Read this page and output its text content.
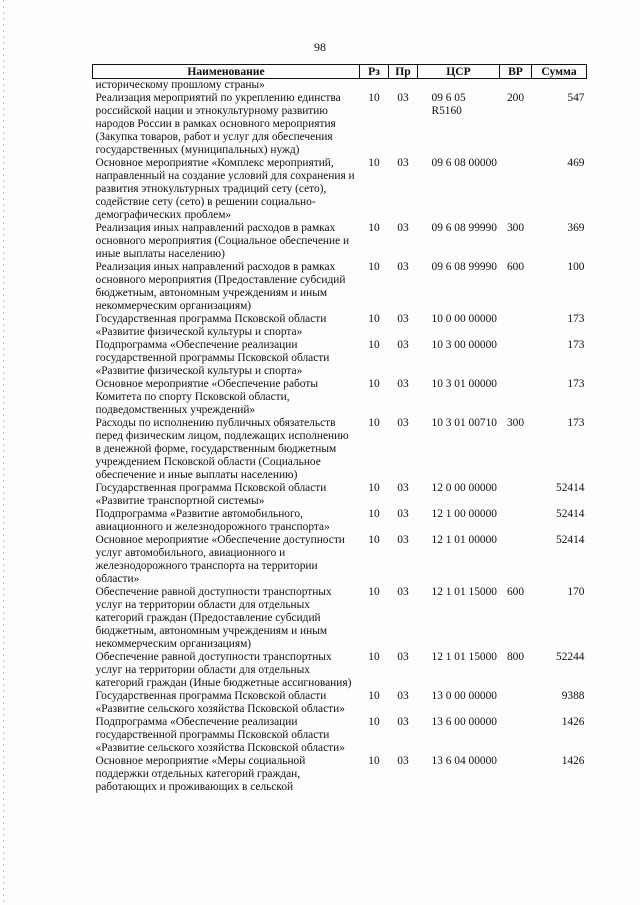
98
Наименование	Рз	Пр	ЦСР	ВР	Сумма
историческому прошлому страны»					
Реализация мероприятий по укреплению единства российской нации и этнокультурному развитию народов России в рамках основного мероприятия (Закупка товаров, работ и услуг для обеспечения государственных (муниципальных) нужд)	10	03	09 6 05 R5160	200	547
Основное мероприятие «Комплекс мероприятий, направленный на создание условий для сохранения и развития этнокультурных традиций сету (сето), содействие сету (сето) в решении социально-демографических проблем»	10	03	09 6 08 00000		469
Реализация иных направлений расходов в рамках основного мероприятия (Социальное обеспечение и иные выплаты населению)	10	03	09 6 08 99990	300	369
Реализация иных направлений расходов в рамках основного мероприятия (Предоставление субсидий бюджетным, автономным учреждениям и иным некоммерческим организациям)	10	03	09 6 08 99990	600	100
Государственная программа Псковской области «Развитие физической культуры и спорта»	10	03	10 0 00 00000		173
Подпрограмма «Обеспечение реализации государственной программы Псковской области «Развитие физической культуры и спорта»	10	03	10 3 00 00000		173
Основное мероприятие «Обеспечение работы Комитета по спорту Псковской области, подведомственных учреждений»	10	03	10 3 01 00000		173
Расходы по исполнению публичных обязательств перед физическим лицом, подлежащих исполнению в денежной форме, государственным бюджетным учреждением Псковской области (Социальное обеспечение и иные выплаты населению)	10	03	10 3 01 00710	300	173
Государственная программа Псковской области «Развитие транспортной системы»	10	03	12 0 00 00000		52414
Подпрограмма «Развитие автомобильного, авиационного и железнодорожного транспорта»	10	03	12 1 00 00000		52414
Основное мероприятие «Обеспечение доступности услуг автомобильного, авиационного и железнодорожного транспорта на территории области»	10	03	12 1 01 00000		52414
Обеспечение равной доступности транспортных услуг на территории области для отдельных категорий граждан (Предоставление субсидий бюджетным, автономным учреждениям и иным некоммерческим организациям)	10	03	12 1 01 15000	600	170
Обеспечение равной доступности транспортных услуг на территории области для отдельных категорий граждан (Иные бюджетные ассигнования)	10	03	12 1 01 15000	800	52244
Государственная программа Псковской области «Развитие сельского хозяйства Псковской области»	10	03	13 0 00 00000		9388
Подпрограмма «Обеспечение реализации государственной программы Псковской области «Развитие сельского хозяйства Псковской области»	10	03	13 6 00 00000		1426
Основное мероприятие «Меры социальной поддержки отдельных категорий граждан, работающих и проживающих в сельской	10	03	13 6 04 00000		1426
